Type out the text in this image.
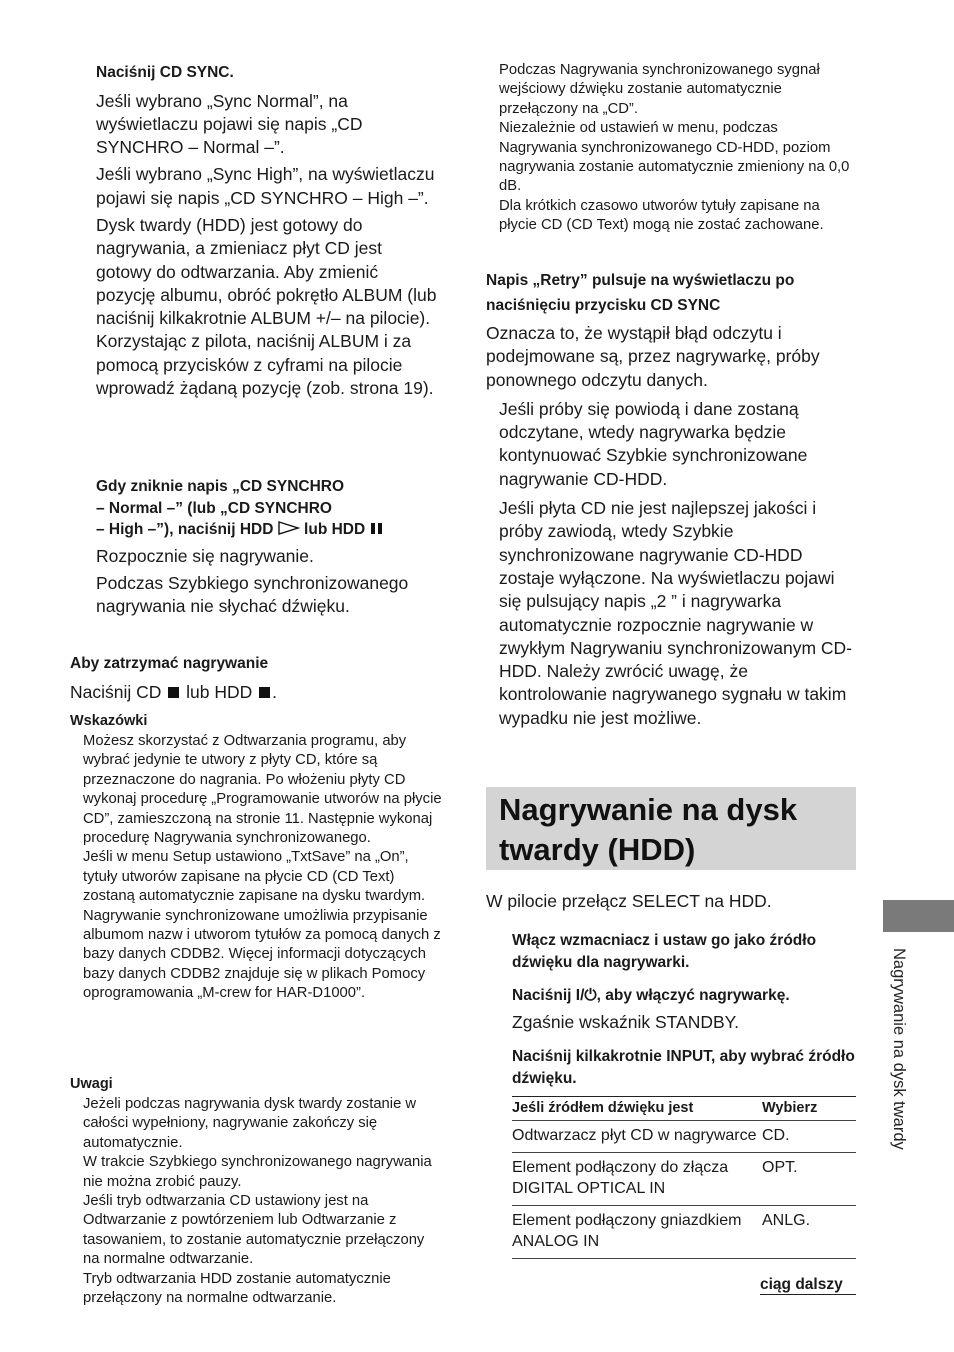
Naciśnij CD SYNC.

Jeśli wybrano „Sync Normal”, na wyświetlaczu pojawi się napis „CD SYNCHRO – Normal –”.

Jeśli wybrano „Sync High”, na wyświetlaczu pojawi się napis „CD SYNCHRO – High –”.

Dysk twardy (HDD) jest gotowy do nagrywania, a zmieniacz płyt CD jest gotowy do odtwarzania. Aby zmienić pozycję albumu, obróć pokrętło ALBUM (lub naciśnij kilkakrotnie ALBUM +/– na pilocie). Korzystając z pilota, naciśnij ALBUM i za pomocą przycisków z cyframi na pilocie wprowadź żądaną pozycję (zob. strona 19).

Gdy zniknie napis „CD SYNCHRO
– Normal –” (lub „CD SYNCHRO
– High –”), naciśnij HDD lub HDD

Rozpocznie się nagrywanie.

Podczas Szybkiego synchronizowanego nagrywania nie słychać dźwięku.

Aby zatrzymać nagrywanie

Naciśnij CD lub HDD .

Wskazówki

Możesz skorzystać z Odtwarzania programu, aby wybrać jedynie te utwory z płyty CD, które są przeznaczone do nagrania. Po włożeniu płyty CD wykonaj procedurę „Programowanie utworów na płycie CD”, zamieszczoną na stronie 11. Następnie wykonaj procedurę Nagrywania synchronizowanego.

Jeśli w menu Setup ustawiono „TxtSave” na „On”, tytuły utworów zapisane na płycie CD (CD Text) zostaną automatycznie zapisane na dysku twardym.

Nagrywanie synchronizowane umożliwia przypisanie albumom nazw i utworom tytułów za pomocą danych z bazy danych CDDB2. Więcej informacji dotyczących bazy danych CDDB2 znajduje się w plikach Pomocy oprogramowania „M-crew for HAR-D1000”.

Uwagi

Jeżeli podczas nagrywania dysk twardy zostanie w całości wypełniony, nagrywanie zakończy się automatycznie.

W trakcie Szybkiego synchronizowanego nagrywania nie można zrobić pauzy.

Jeśli tryb odtwarzania CD ustawiony jest na Odtwarzanie z powtórzeniem lub Odtwarzanie z tasowaniem, to zostanie automatycznie przełączony na normalne odtwarzanie.

Tryb odtwarzania HDD zostanie automatycznie przełączony na normalne odtwarzanie.

Podczas Nagrywania synchronizowanego sygnał wejściowy dźwięku zostanie automatycznie przełączony na „CD”.

Niezależnie od ustawień w menu, podczas Nagrywania synchronizowanego CD-HDD, poziom nagrywania zostanie automatycznie zmieniony na 0,0 dB.

Dla krótkich czasowo utworów tytuły zapisane na płycie CD (CD Text) mogą nie zostać zachowane.

Napis „Retry” pulsuje na wyświetlaczu po
naciśnięciu przycisku CD SYNC

Oznacza to, że wystąpił błąd odczytu i podejmowane są, przez nagrywarkę, próby ponownego odczytu danych.

Jeśli próby się powiodą i dane zostaną odczytane, wtedy nagrywarka będzie kontynuować Szybkie synchronizowane nagrywanie CD-HDD.

Jeśli płyta CD nie jest najlepszej jakości i próby zawiodą, wtedy Szybkie synchronizowane nagrywanie CD-HDD zostaje wyłączone. Na wyświetlaczu pojawi się pulsujący napis „2 ” i nagrywarka automatycznie rozpocznie nagrywanie w zwykłym Nagrywaniu synchronizowanym CD-HDD. Należy zwrócić uwagę, że kontrolowanie nagrywanego sygnału w takim wypadku nie jest możliwe.

Nagrywanie na dysk twardy (HDD)

W pilocie przełącz SELECT na HDD.

Włącz wzmacniacz i ustaw go jako źródło dźwięku dla nagrywarki.

Naciśnij I/⏻, aby włączyć nagrywarkę.

Zgaśnie wskaźnik STANDBY.

Naciśnij kilkakrotnie INPUT, aby wybrać źródło dźwięku.

Jeśli źródłem dźwięku jest	Wybierz
Odtwarzacz płyt CD w nagrywarce	CD.
Element podłączony do złącza DIGITAL OPTICAL IN	OPT.
Element podłączony gniazdkiem ANALOG IN	ANLG.
ciąg dalszy
Nagrywanie na dysk twardy
